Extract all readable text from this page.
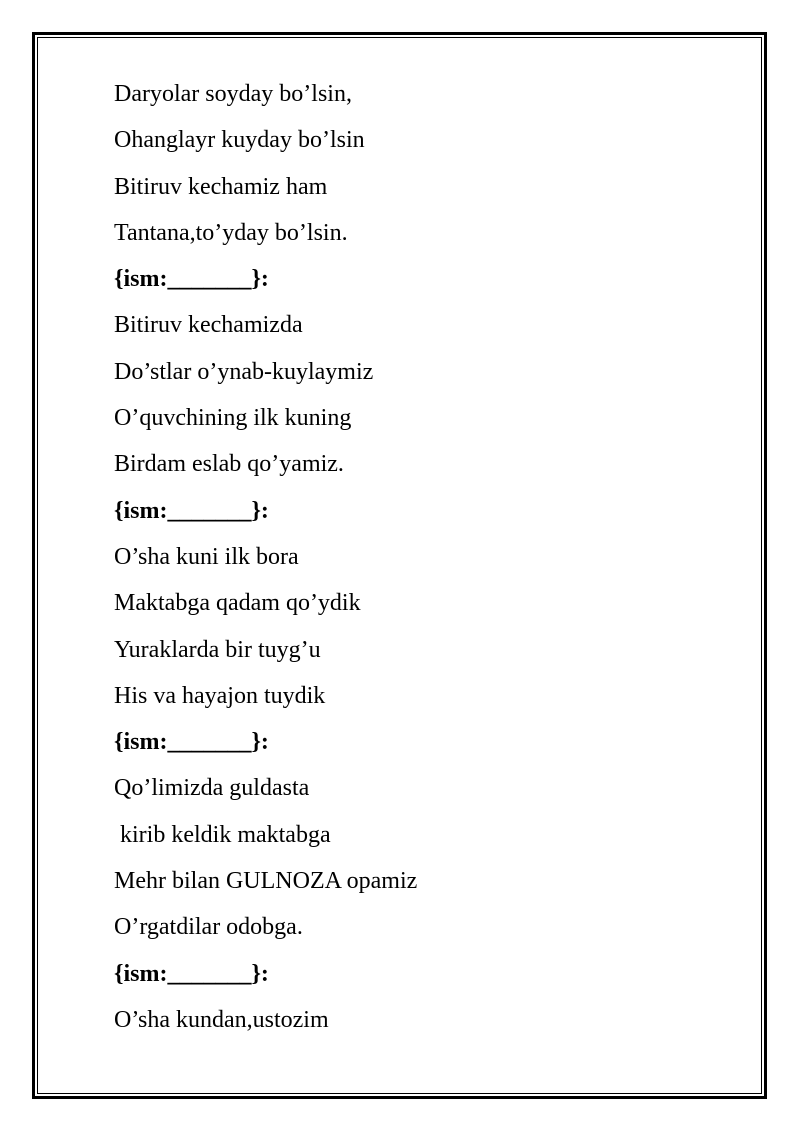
Daryolar soyday bo’lsin,
Ohanglayr kuyday bo’lsin
Bitiruv kechamiz ham
Tantana,to’yday bo’lsin.
{ism:_______}:
Bitiruv kechamizda
Do’stlar o’ynab-kuylaymiz
O’quvchining ilk kuning
Birdam eslab qo’yamiz.
{ism:_______}:
O’sha kuni ilk bora
Maktabga qadam qo’ydik
Yuraklarda bir tuyg’u
His va hayajon tuydik
{ism:_______}:
Qo’limizda guldasta
kirib keldik maktabga
Mehr bilan GULNOZA opamiz
O’rgatdilar odobga.
{ism:_______}:
O’sha kundan,ustozim
